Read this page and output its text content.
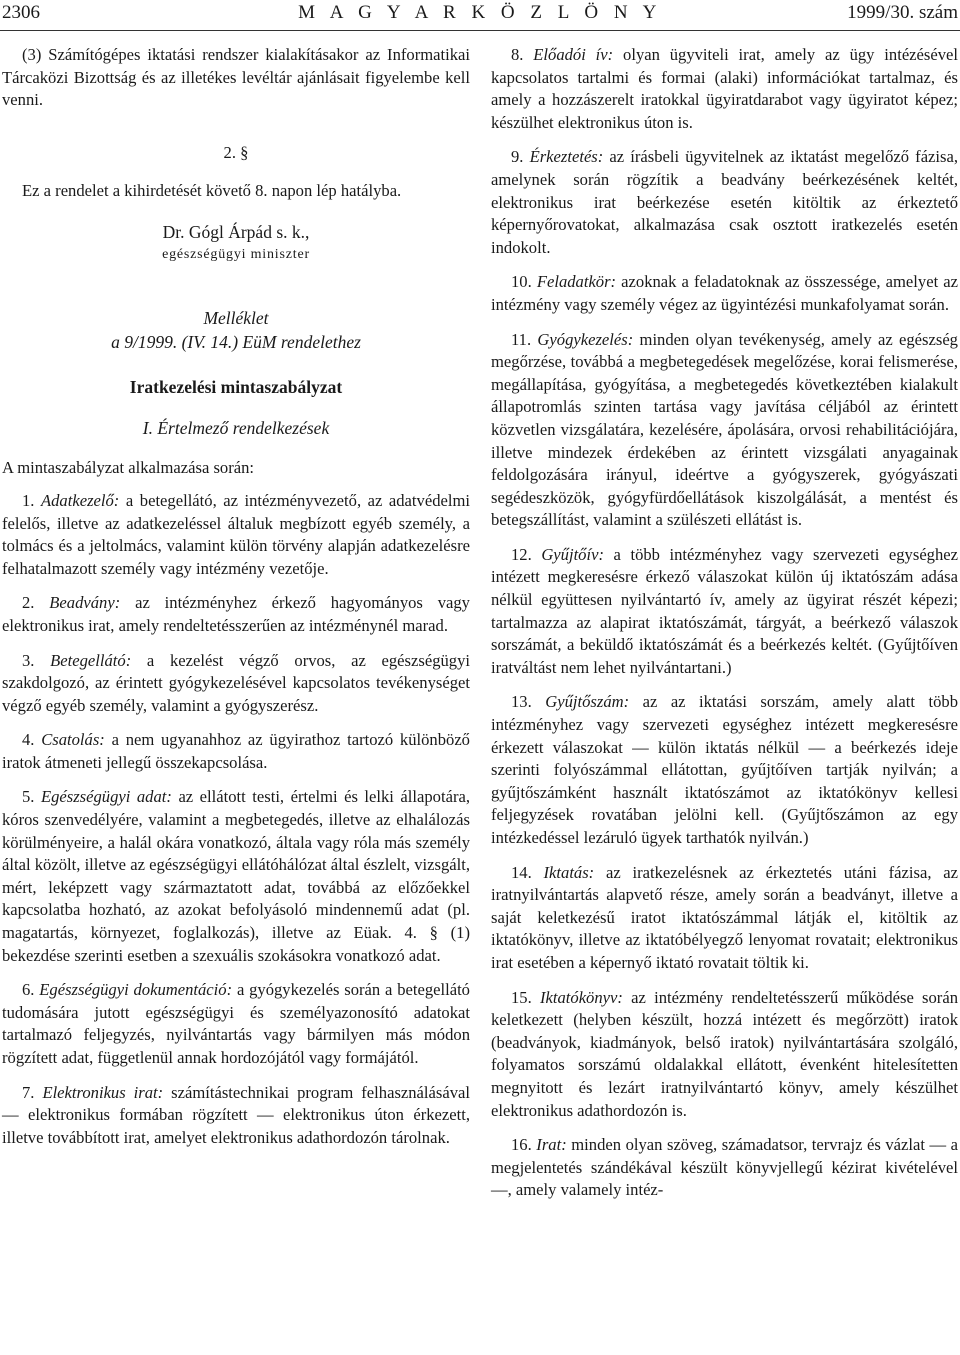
2306	M A G Y A R K Ö Z L Ö N Y	1999/30. szám

(3) Számítógépes iktatási rendszer kialakításakor az Informatikai Tárcaközi Bizottság és az illetékes levéltár ajánlásait figyelembe kell venni.

2. §

Ez a rendelet a kihirdetését követő 8. napon lép hatályba.

Dr. Gógl Árpád s. k.,

egészségügyi miniszter

Melléklet

a 9/1999. (IV. 14.) EüM rendelethez

Iratkezelési mintaszabályzat

I. Értelmező rendelkezések

A mintaszabályzat alkalmazása során:

1. Adatkezelő: a betegellátó, az intézményvezető, az adatvédelmi felelős, illetve az adatkezeléssel általuk megbízott egyéb személy, a tolmács és a jeltolmács, valamint külön törvény alapján adatkezelésre felhatalmazott személy vagy intézmény vezetője.

2. Beadvány: az intézményhez érkező hagyományos vagy elektronikus irat, amely rendeltetésszerűen az intézménynél marad.

3. Betegellátó: a kezelést végző orvos, az egészségügyi szakdolgozó, az érintett gyógykezelésével kapcsolatos tevékenységet végző egyéb személy, valamint a gyógyszerész.

4. Csatolás: a nem ugyanahhoz az ügyirathoz tartozó különböző iratok átmeneti jellegű összekapcsolása.

5. Egészségügyi adat: az ellátott testi, értelmi és lelki állapotára, kóros szenvedélyére, valamint a megbetegedés, illetve az elhalálozás körülményeire, a halál okára vonatkozó, általa vagy róla más személy által közölt, illetve az egészségügyi ellátóhálózat által észlelt, vizsgált, mért, leképzett vagy származtatott adat, továbbá az előzőekkel kapcsolatba hozható, az azokat befolyásoló mindennemű adat (pl. magatartás, környezet, foglalkozás), illetve az Eüak. 4. § (1) bekezdése szerinti esetben a szexuális szokásokra vonatkozó adat.

6. Egészségügyi dokumentáció: a gyógykezelés során a betegellátó tudomására jutott egészségügyi és személyazonosító adatokat tartalmazó feljegyzés, nyilvántartás vagy bármilyen más módon rögzített adat, függetlenül annak hordozójától vagy formájától.

7. Elektronikus irat: számítástechnikai program felhasználásával — elektronikus formában rögzített — elektronikus úton érkezett, illetve továbbított irat, amelyet elektronikus adathordozón tárolnak.

8. Előadói ív: olyan ügyviteli irat, amely az ügy intézésével kapcsolatos tartalmi és formai (alaki) információkat tartalmaz, és amely a hozzászerelt iratokkal ügyiratdarabot vagy ügyiratot képez; készülhet elektronikus úton is.

9. Érkeztetés: az írásbeli ügyvitelnek az iktatást megelőző fázisa, amelynek során rögzítik a beadvány beérkezésének keltét, elektronikus irat beérkezése esetén kitöltik az érkeztető képernyőrovatokat, alkalmazása csak osztott iratkezelés esetén indokolt.

10. Feladatkör: azoknak a feladatoknak az összessége, amelyet az intézmény vagy személy végez az ügyintézési munkafolyamat során.

11. Gyógykezelés: minden olyan tevékenység, amely az egészség megőrzése, továbbá a megbetegedések megelőzése, korai felismerése, megállapítása, gyógyítása, a megbetegedés következtében kialakult állapotromlás szinten tartása vagy javítása céljából az érintett közvetlen vizsgálatára, kezelésére, ápolására, orvosi rehabilitációjára, illetve mindezek érdekében az érintett vizsgálati anyagainak feldolgozására irányul, ideértve a gyógyszerek, gyógyászati segédeszközök, gyógyfürdőellátások kiszolgálását, a mentést és betegszállítást, valamint a szülészeti ellátást is.

12. Gyűjtőív: a több intézményhez vagy szervezeti egységhez intézett megkeresésre érkező válaszokat külön új iktatószám adása nélkül együttesen nyilvántartó ív, amely az ügyirat részét képezi; tartalmazza az alapirat iktatószámát, tárgyát, a beérkező válaszok sorszámát, a beküldő iktatószámát és a beérkezés keltét. (Gyűjtőíven iratváltást nem lehet nyilvántartani.)

13. Gyűjtőszám: az az iktatási sorszám, amely alatt több intézményhez vagy szervezeti egységhez intézett megkeresésre érkezett válaszokat — külön iktatás nélkül — a beérkezés ideje szerinti folyószámmal ellátottan, gyűjtőíven tartják nyilván; a gyűjtőszámként használt iktatószámot az iktatókönyv kellesi feljegyzések rovatában jelölni kell. (Gyűjtőszámon az egy intézkedéssel lezáruló ügyek tarthatók nyilván.)

14. Iktatás: az iratkezelésnek az érkeztetés utáni fázisa, az iratnyilvántartás alapvető része, amely során a beadványt, illetve a saját keletkezésű iratot iktatószámmal látják el, kitöltik az iktatókönyv, illetve az iktatóbélyegző lenyomat rovatait; elektronikus irat esetében a képernyő iktató rovatait töltik ki.

15. Iktatókönyv: az intézmény rendeltetésszerű működése során keletkezett (helyben készült, hozzá intézett és megőrzött) iratok (beadványok, kiadmányok, belső iratok) nyilvántartására szolgáló, folyamatos sorszámú oldalakkal ellátott, évenként hitelesítetten megnyitott és lezárt iratnyilvántartó könyv, amely készülhet elektronikus adathordozón is.

16. Irat: minden olyan szöveg, számadatsor, tervrajz és vázlat — a megjelentetés szándékával készült könyvjellegű kézirat kivételével —, amely valamely intéz-
